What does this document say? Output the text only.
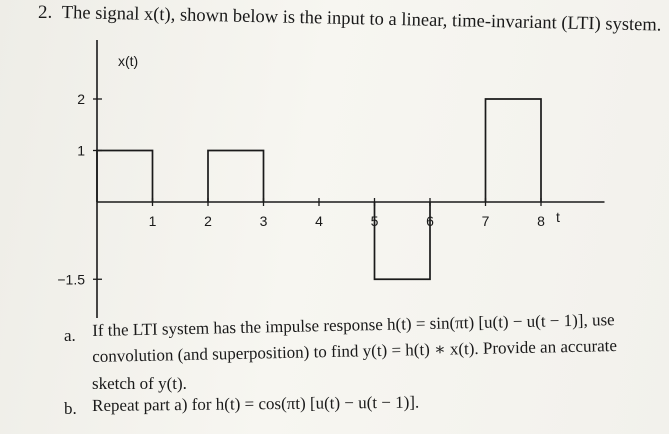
2. The signal x(t), shown below is the input to a linear, time-invariant (LTI) system.
1	2	3	4	5	6	7	8
2
1
−1.5
x(t)
t
a. If the LTI system has the impulse response h(t) = sin(πt) [u(t) − u(t − 1)], use
convolution (and superposition) to find y(t) = h(t) ∗ x(t). Provide an accurate
sketch of y(t).
b. Repeat part a) for h(t) = cos(πt) [u(t) − u(t − 1)].
